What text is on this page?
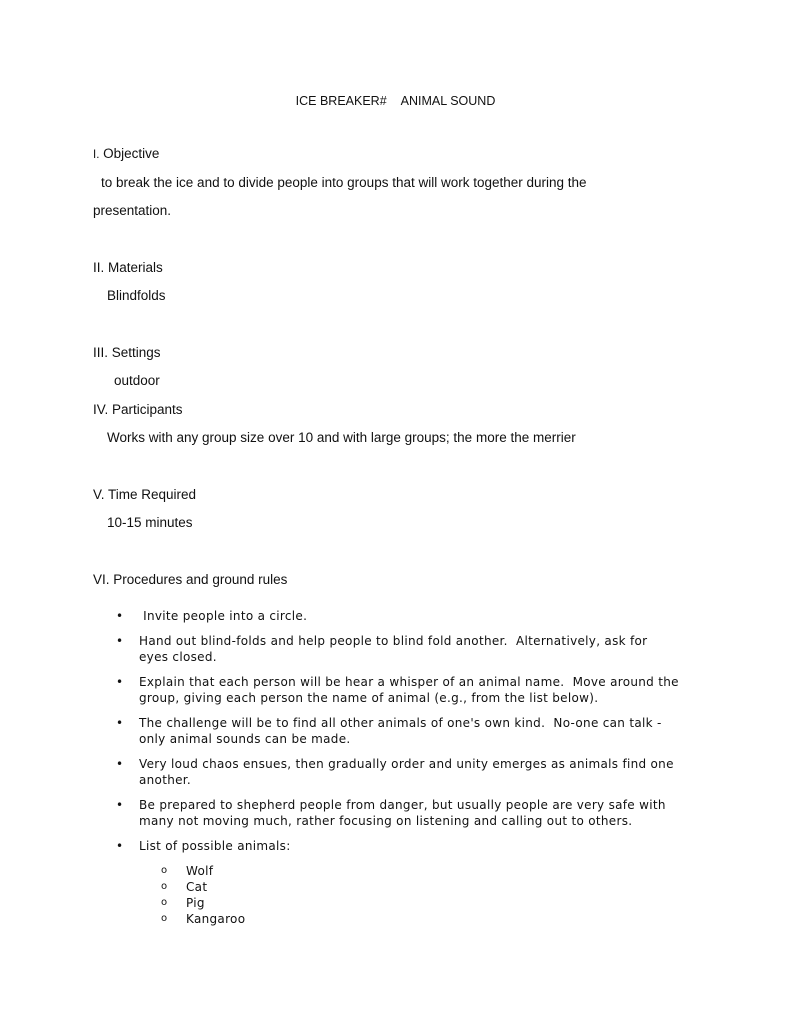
ICE BREAKER# ANIMAL SOUND
I. Objective
to break the ice and to divide people into groups that will work together during the
presentation.
II. Materials
Blindfolds
III. Settings
outdoor
IV. Participants
Works with any group size over 10 and with large groups; the more the merrier
V. Time Required
10-15 minutes
VI. Procedures and ground rules
• Invite people into a circle.
• Hand out blind-folds and help people to blind fold another.  Alternatively, ask for
eyes closed.
• Explain that each person will be hear a whisper of an animal name.  Move around the
group, giving each person the name of animal (e.g., from the list below).
• The challenge will be to find all other animals of one's own kind.  No-one can talk -
only animal sounds can be made.
• Very loud chaos ensues, then gradually order and unity emerges as animals find one
another.
• Be prepared to shepherd people from danger, but usually people are very safe with
many not moving much, rather focusing on listening and calling out to others.
• List of possible animals:
o Wolf
o Cat
o Pig
o Kangaroo
